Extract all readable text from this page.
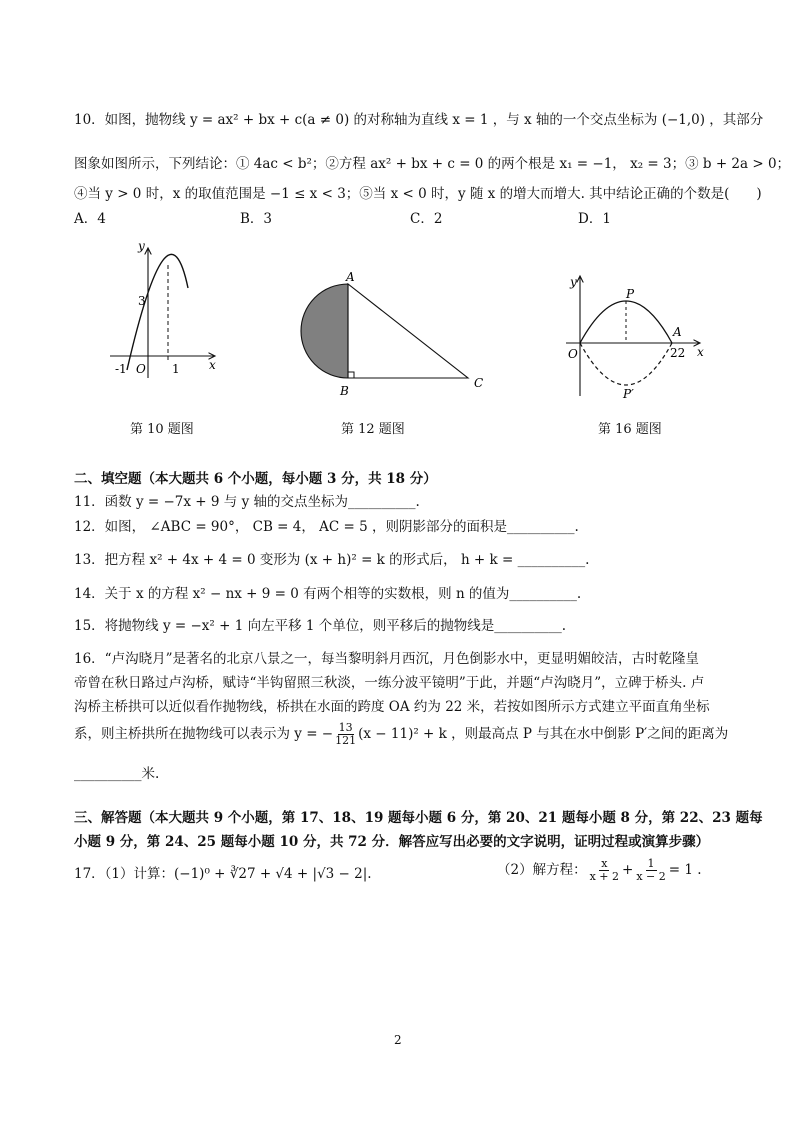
10．如图，抛物线 y = ax² + bx + c(a ≠ 0) 的对称轴为直线 x = 1 ，与 x 轴的一个交点坐标为 (−1,0) ，其部分
图象如图所示，下列结论：① 4ac < b²；②方程 ax² + bx + c = 0 的两个根是 x₁ = −1， x₂ = 3；③ b + 2a > 0；
④当 y > 0 时，x 的取值范围是 −1 ≤ x < 3；⑤当 x < 0 时，y 随 x 的增大而增大. 其中结论正确的个数是(　　)
A．4	B．3	C．2	D．1
y
x
3
-1 O 1
A
B
C
y
x
O
P
P′
A
22
第 10 题图	第 12 题图	第 16 题图
二、填空题（本大题共 6 个小题，每小题 3 分，共 18 分）
11．函数 y = −7x + 9 与 y 轴的交点坐标为__________.
12．如图， ∠ABC = 90°， CB = 4， AC = 5 ，则阴影部分的面积是__________.
13．把方程 x² + 4x + 4 = 0 变形为 (x + h)² = k 的形式后， h + k = __________.
14．关于 x 的方程 x² − nx + 9 = 0 有两个相等的实数根，则 n 的值为__________.
15．将抛物线 y = −x² + 1 向左平移 1 个单位，则平移后的抛物线是__________.
16．“卢沟晓月”是著名的北京八景之一，每当黎明斜月西沉，月色倒影水中，更显明媚皎洁，古时乾隆皇
帝曾在秋日路过卢沟桥，赋诗“半钩留照三秋淡，一练分波平镜明”于此，并题“卢沟晓月”，立碑于桥头. 卢
沟桥主桥拱可以近似看作抛物线，桥拱在水面的跨度 OA 约为 22 米，若按如图所示方式建立平面直角坐标
系，则主桥拱所在抛物线可以表示为 y = − $\frac{13}{121} (x - 11)^2 + k$ ，则最高点 P 与其在水中倒影 P′之间的距离为
__________米.
三、解答题（本大题共 9 个小题，第 17、18、19 题每小题 6 分，第 20、21 题每小题 8 分，第 22、23 题每
小题 9 分，第 24、25 题每小题 10 分，共 72 分．解答应写出必要的文字说明，证明过程或演算步骤）
17．（1）计算：(−1)⁰ + ∛27 + √4 + |√3 − 2|.	（2）解方程： $\frac{x}{x + 2} + \frac{1}{x - 2} = 1$ .
2
